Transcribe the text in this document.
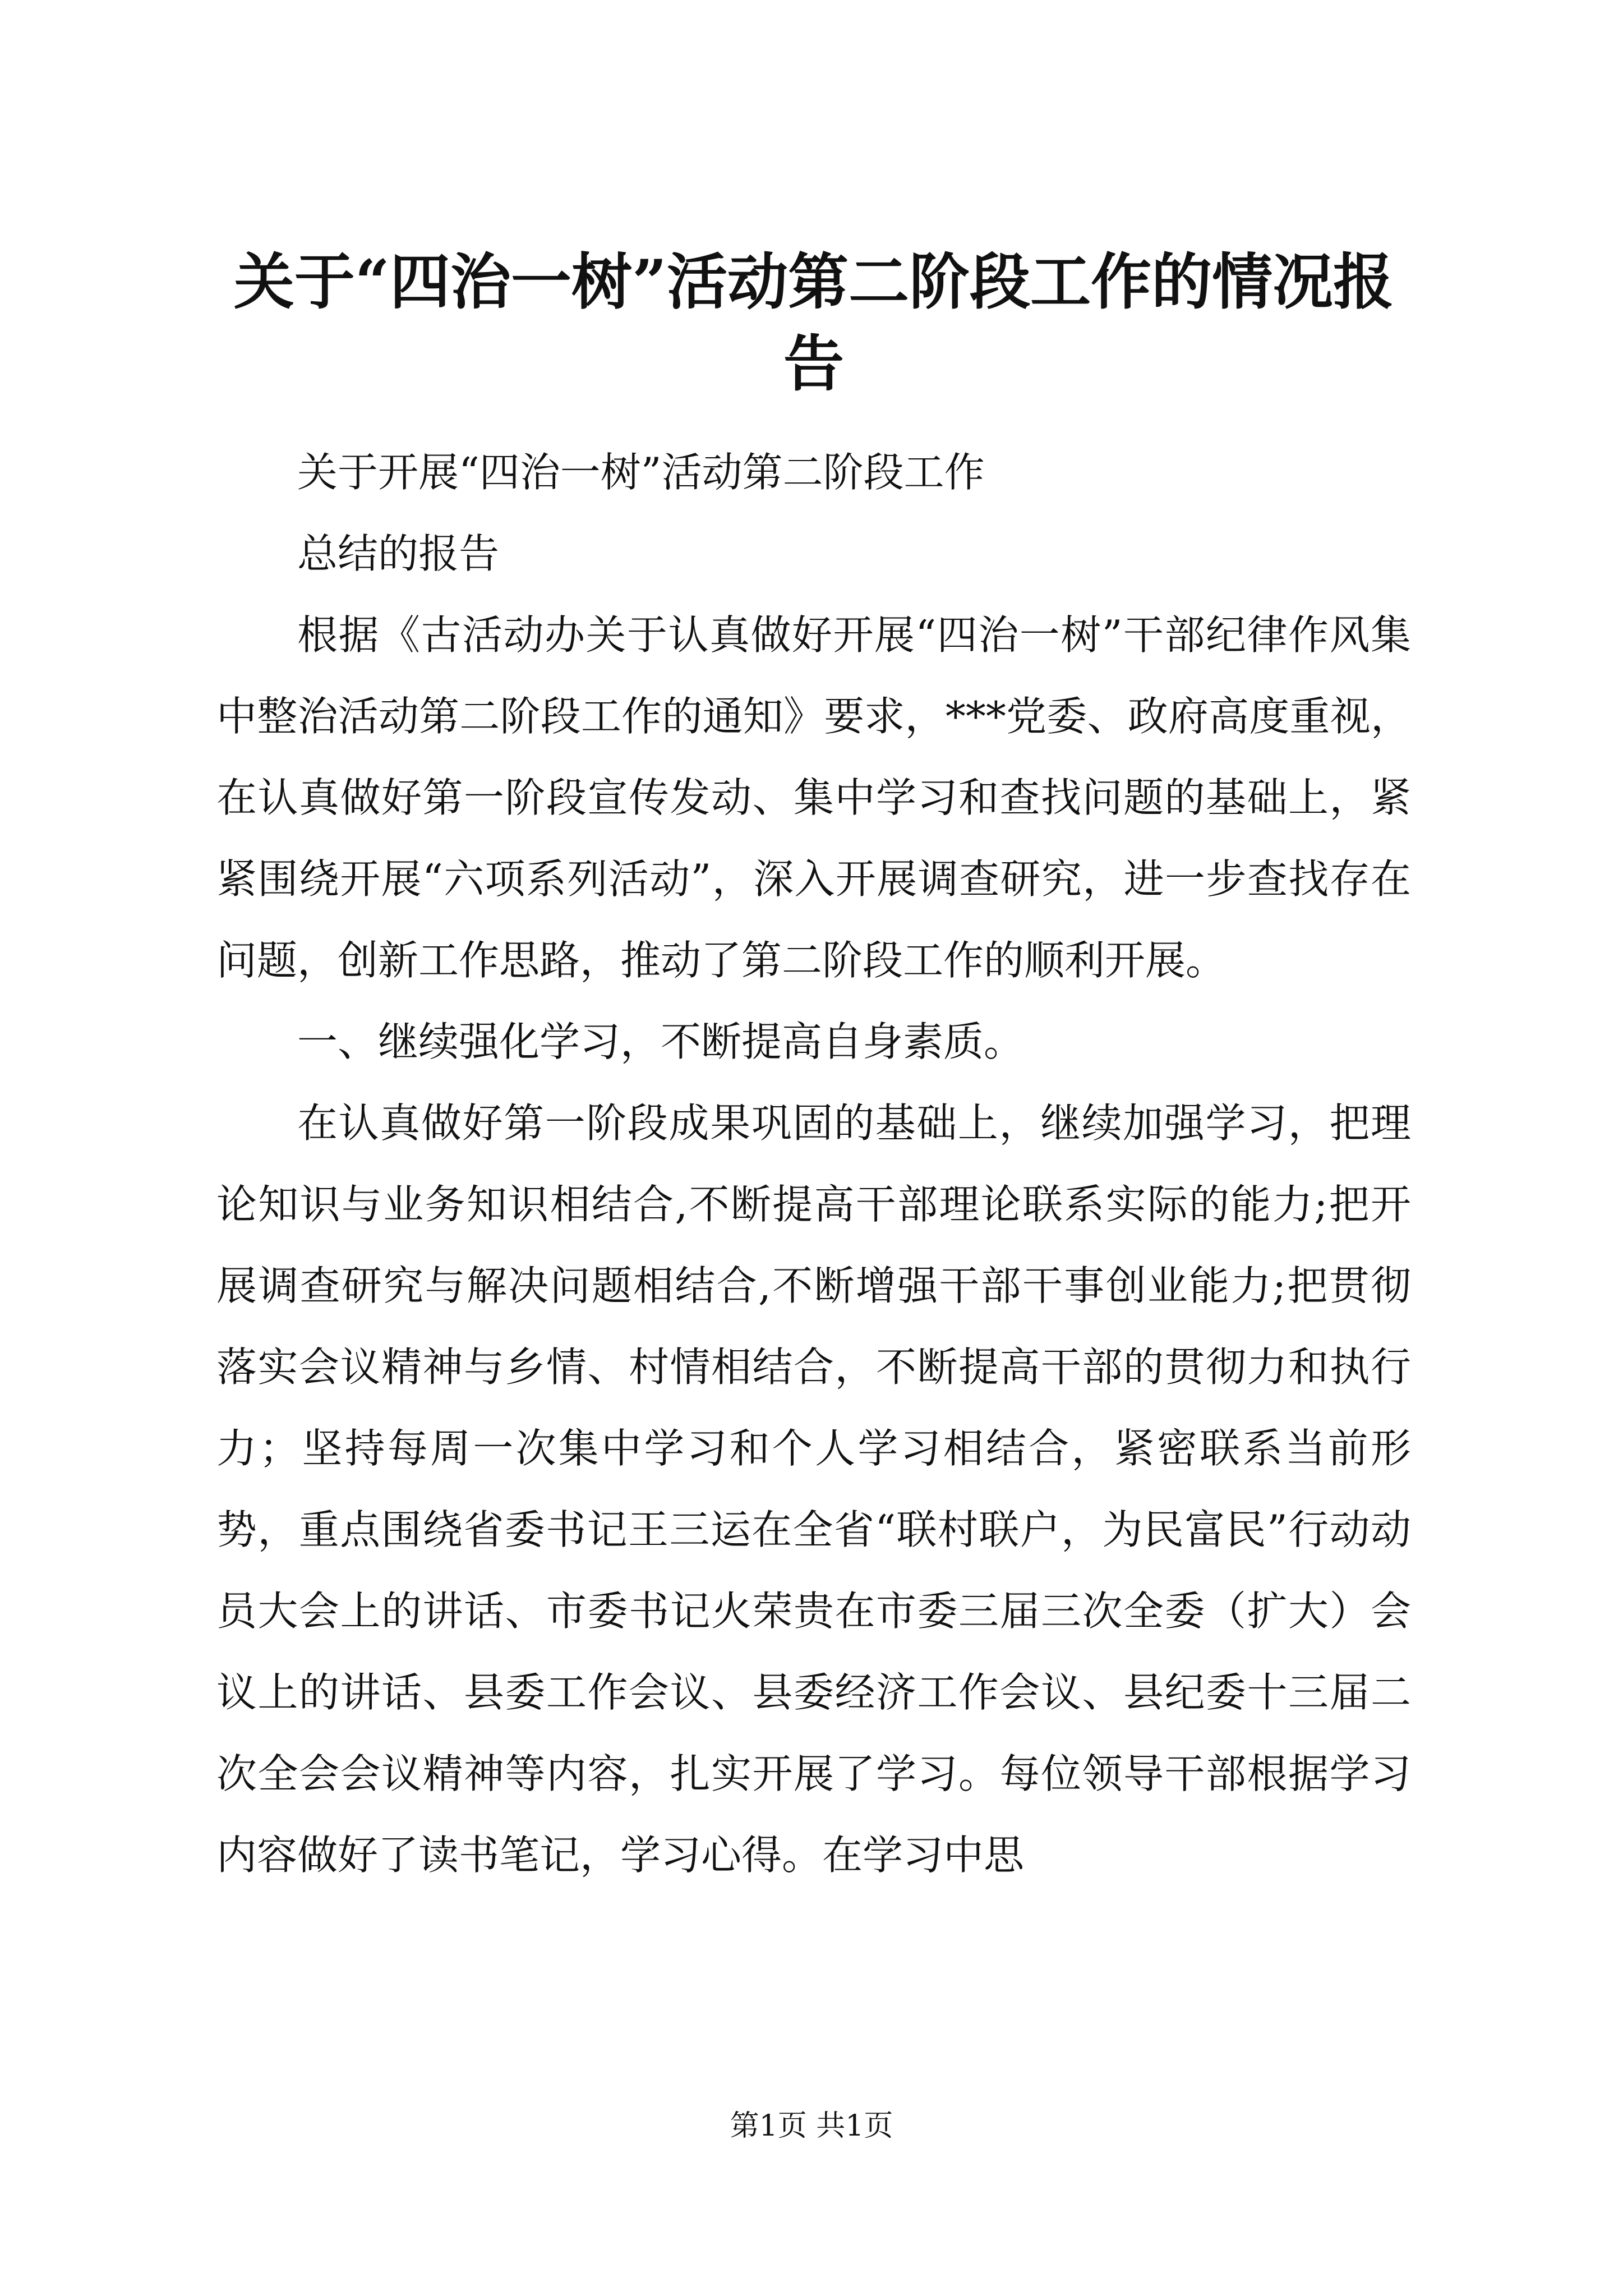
关于“四治一树”活动第二阶段工作的情况报告

关于开展“四治一树”活动第二阶段工作

总结的报告

根据《古活动办关于认真做好开展“四治一树”干部纪律作风集中整治活动第二阶段工作的通知》要求，***党委、政府高度重视，在认真做好第一阶段宣传发动、集中学习和查找问题的基础上，紧紧围绕开展“六项系列活动”，深入开展调查研究，进一步查找存在问题，创新工作思路，推动了第二阶段工作的顺利开展。

一、继续强化学习，不断提高自身素质。

在认真做好第一阶段成果巩固的基础上，继续加强学习，把理论知识与业务知识相结合,不断提高干部理论联系实际的能力;把开展调查研究与解决问题相结合,不断增强干部干事创业能力;把贯彻落实会议精神与乡情、村情相结合，不断提高干部的贯彻力和执行力；坚持每周一次集中学习和个人学习相结合，紧密联系当前形势，重点围绕省委书记王三运在全省“联村联户，为民富民”行动动员大会上的讲话、市委书记火荣贵在市委三届三次全委（扩大）会议上的讲话、县委工作会议、县委经济工作会议、县纪委十三届二次全会会议精神等内容，扎实开展了学习。每位领导干部根据学习内容做好了读书笔记，学习心得。在学习中思

第1页 共1页
